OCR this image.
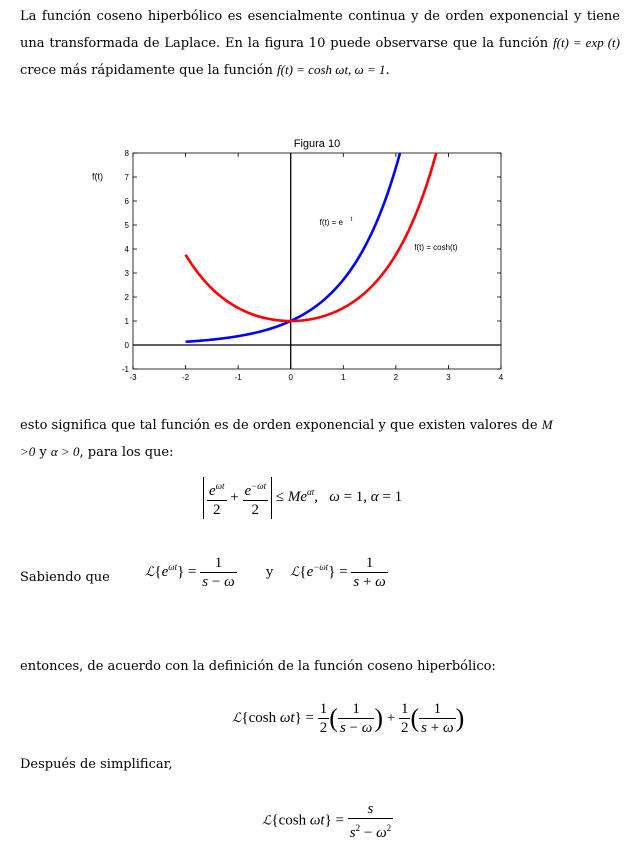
La función coseno hiperbólico es esencialmente continua y de orden exponencial y tiene una transformada de Laplace. En la figura 10 puede observarse que la función f(t) = exp (t) crece más rápidamente que la función f(t) = cosh ωt, ω = 1.

-3	-2	-1	0	1	2	3	4
-1
0
1
2
3
4
5
6
7
8
Figura 10
f(t)
f(t) = e t
f(t) = cosh(t)

esto significa que tal función es de orden exponencial y que existen valores de M
>0 y α > 0, para los que:

$\frac{e^{\omega t}}{2} + \frac{e^{-\omega t}}{2} \le Me^{\alpha t}$,   ω = 1, α = 1
Sabiendo que	$ℒ\{e^{\omega t}\} = \frac{1}{s - \omega}$ y $ℒ\{e^{-\omega t}\} = \frac{1}{s + \omega}$

entonces, de acuerdo con la definición de la función coseno hiperbólico:

ℒ{cosh $\omega t\} = \frac{1}{2}$ ( $\frac{1}{s - \omega}$ ) + $\frac{1}{2}$ ( $\frac{1}{s + \omega}$ )

Después de simplificar,

ℒ{cosh $\omega t\} = \frac{s}{s^2 - \omega^2}$
